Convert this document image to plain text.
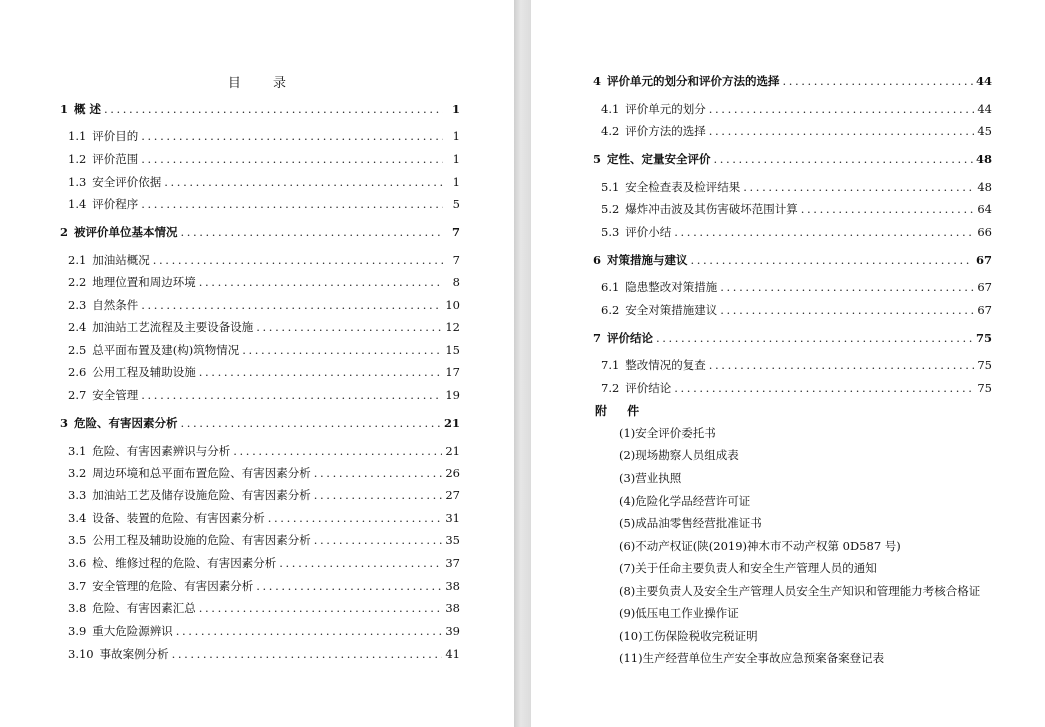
目 录
1 概 述 .....	1
1.1 评价目的 .....	1
1.2 评价范围 .....	1
1.3 安全评价依据 .....	1
1.4 评价程序 .....	5
2 被评价单位基本情况 .....	7
2.1 加油站概况 .....	7
2.2 地理位置和周边环境 .....	8
2.3 自然条件 .....	10
2.4 加油站工艺流程及主要设备设施 .....	12
2.5 总平面布置及建(构)筑物情况 .....	15
2.6 公用工程及辅助设施 .....	17
2.7 安全管理 .....	19
3 危险、有害因素分析 .....	21
3.1 危险、有害因素辨识与分析 .....	21
3.2 周边环境和总平面布置危险、有害因素分析 .....	26
3.3 加油站工艺及储存设施危险、有害因素分析 .....	27
3.4 设备、装置的危险、有害因素分析 .....	31
3.5 公用工程及辅助设施的危险、有害因素分析 .....	35
3.6 检、维修过程的危险、有害因素分析 .....	37
3.7 安全管理的危险、有害因素分析 .....	38
3.8 危险、有害因素汇总 .....	38
3.9 重大危险源辨识 .....	39
3.10 事故案例分析 .....	41
4 评价单元的划分和评价方法的选择 .....	44
4.1 评价单元的划分 .....	44
4.2 评价方法的选择 .....	45
5 定性、定量安全评价 .....	48
5.1 安全检查表及检评结果 .....	48
5.2 爆炸冲击波及其伤害破坏范围计算 .....	64
5.3 评价小结 .....	66
6 对策措施与建议 .....	67
6.1 隐患整改对策措施 .....	67
6.2 安全对策措施建议 .....	67
7 评价结论 .....	75
7.1 整改情况的复查 .....	75
7.2 评价结论 .....	75
附 件
(1)安全评价委托书
(2)现场勘察人员组成表
(3)营业执照
(4)危险化学品经营许可证
(5)成品油零售经营批准证书
(6)不动产权证(陕(2019)神木市不动产权第 0D587 号)
(7)关于任命主要负责人和安全生产管理人员的通知
(8)主要负责人及安全生产管理人员安全生产知识和管理能力考核合格证
(9)低压电工作业操作证
(10)工伤保险税收完税证明
(11)生产经营单位生产安全事故应急预案备案登记表
